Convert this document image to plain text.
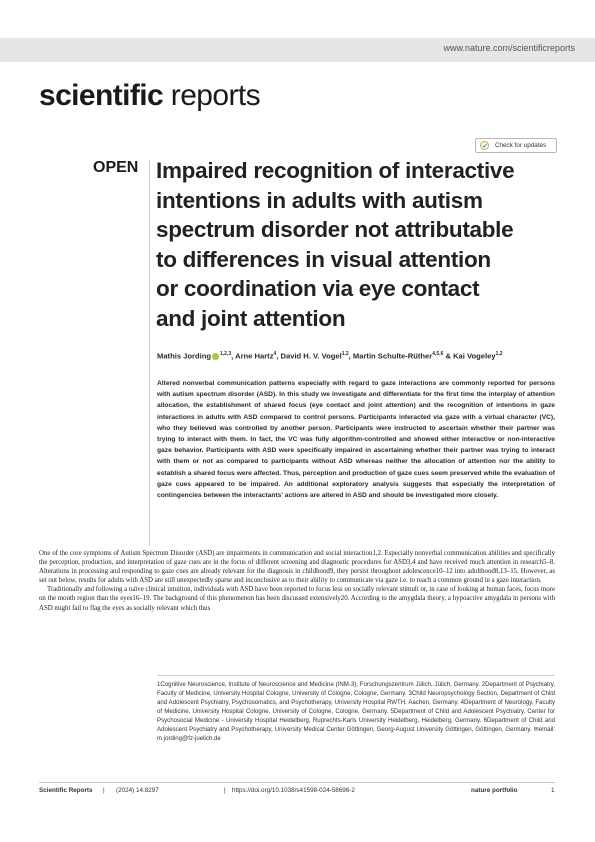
www.nature.com/scientificreports
scientific reports
Check for updates
OPEN Impaired recognition of interactive
intentions in adults with autism
spectrum disorder not attributable
to differences in visual attention
or coordination via eye contact
and joint attention
Mathis Jording $^{1,2,3}$, Arne Hartz$^4$, David H. V. Vogel$^{1,2}$, Martin Schulte-Rüther$^{4,5,6}$ & Kai Vogeley$^{1,2}$
Altered nonverbal communication patterns especially with regard to gaze interactions are commonly reported for persons with autism spectrum disorder (ASD). In this study we investigate and differentiate for the first time the interplay of attention allocation, the establishment of shared focus (eye contact and joint attention) and the recognition of intentions in gaze interactions in adults with ASD compared to control persons. Participants interacted via gaze with a virtual character (VC), who they believed was controlled by another person. Participants were instructed to ascertain whether their partner was trying to interact with them. In fact, the VC was fully algorithm-controlled and showed either interactive or non-interactive gaze behavior. Participants with ASD were specifically impaired in ascertaining whether their partner was trying to interact with them or not as compared to participants without ASD whereas neither the allocation of attention nor the ability to establish a shared focus were affected. Thus, perception and production of gaze cues seem preserved while the evaluation of gaze cues appeared to be impaired. An additional exploratory analysis suggests that especially the interpretation of contingencies between the interactants' actions are altered in ASD and should be investigated more closely.

One of the core symptoms of Autism Spectrum Disorder (ASD) are impairments in communication and social interaction1,2. Especially nonverbal communication abilities and specifically the perception, production, and interpretation of gaze cues are in the focus of different screening and diagnostic procedures for ASD3,4 and have received much attention in research5–8. Alterations in processing and responding to gaze cues are already relevant for the diagnosis in childhood9, they persist throughout adolescence10–12 into adulthood8,13–15. However, as set out below, results for adults with ASD are still unexpectedly sparse and inconclusive as to their ability to communicate via gaze i.e. to reach a common ground in a gaze interaction.

Traditionally and following a naïve clinical intuition, individuals with ASD have been reported to focus less on socially relevant stimuli or, in case of looking at human faces, focus more on the mouth region than the eyes16–19. The background of this phenomenon has been discussed extensively20. According to the amygdala theory, a hypoactive amygdala in persons with ASD might fail to flag the eyes as socially relevant which thus

1Cognitive Neuroscience, Institute of Neuroscience and Medicine (INM-3), Forschungszentrum Jülich, Jülich, Germany. 2Department of Psychiatry, Faculty of Medicine, University Hospital Cologne, University of Cologne, Cologne, Germany. 3Child Neuropsychology Section, Department of Child and Adolescent Psychiatry, Psychosomatics, and Psychotherapy, University Hospital RWTH, Aachen, Germany. 4Department of Neurology, Faculty of Medicine, University Hospital Cologne, University of Cologne, Cologne, Germany. 5Department of Child and Adolescent Psychiatry, Center for Psychosocial Medicine - University Hospital Heidelberg, Ruprechts-Karls University Heidelberg, Heidelberg, Germany. 6Department of Child and Adolescent Psychiatry and Psychotherapy, University Medical Center Göttingen, Georg-August University Göttingen, Göttingen, Germany. ✉email: m.jording@fz-juelich.de
Scientific Reports | (2024) 14:8297	| https://doi.org/10.1038/s41598-024-58696-2	nature portfolio	1
